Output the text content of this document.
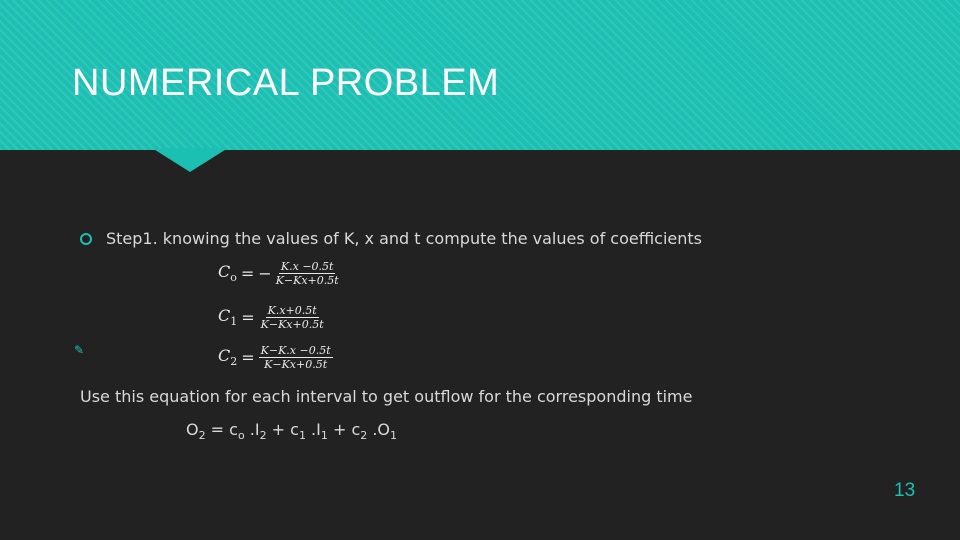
NUMERICAL PROBLEM
Step1. knowing the values of K, x and t compute the values of coefficients
$C_o$ = − $\frac{K.x -0.5t}{K-Kx+0.5t}$
$C_1 = \frac{K.x+0.5t}{K-Kx+0.5t}$
✎	$C_2 = \frac{K-K.x -0.5t}{K-Kx+0.5t}$
Use this equation for each interval to get outflow for the corresponding time
$O_2 = c_o$ $.I_2 + c_1$ $.I_1 + c_2$ $.O_1$
13
